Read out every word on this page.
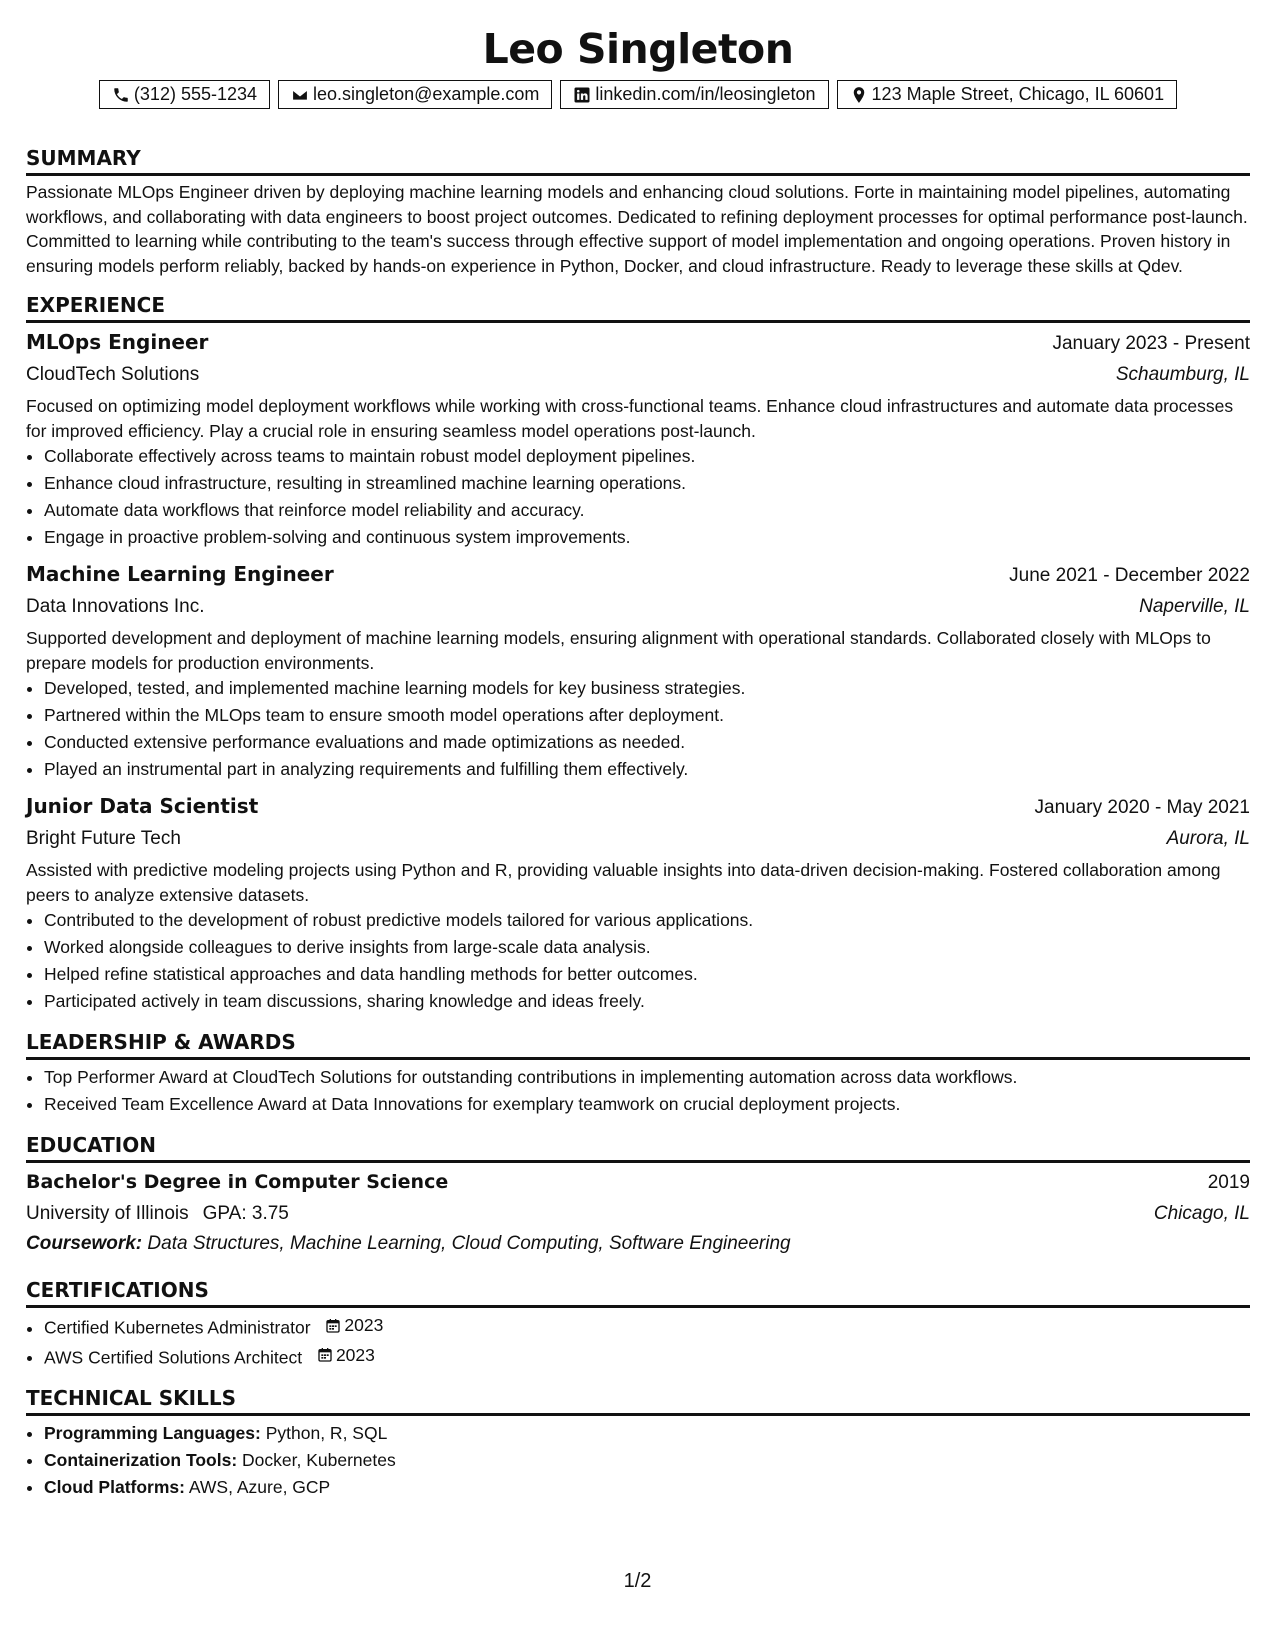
Leo Singleton
(312) 555-1234	leo.singleton@example.com	linkedin.com/in/leosingleton	123 Maple Street, Chicago, IL 60601
SUMMARY

Passionate MLOps Engineer driven by deploying machine learning models and enhancing cloud solutions. Forte in maintaining model pipelines, automating workflows, and collaborating with data engineers to boost project outcomes. Dedicated to refining deployment processes for optimal performance post-launch. Committed to learning while contributing to the team's success through effective support of model implementation and ongoing operations. Proven history in ensuring models perform reliably, backed by hands-on experience in Python, Docker, and cloud infrastructure. Ready to leverage these skills at Qdev.

EXPERIENCE
MLOps Engineer	January 2023 - Present
CloudTech Solutions	Schaumburg, IL

Focused on optimizing model deployment workflows while working with cross-functional teams. Enhance cloud infrastructures and automate data processes for improved efficiency. Play a crucial role in ensuring seamless model operations post-launch.

• Collaborate effectively across teams to maintain robust model deployment pipelines.
• Enhance cloud infrastructure, resulting in streamlined machine learning operations.
• Automate data workflows that reinforce model reliability and accuracy.
• Engage in proactive problem-solving and continuous system improvements.
Machine Learning Engineer	June 2021 - December 2022
Data Innovations Inc.	Naperville, IL

Supported development and deployment of machine learning models, ensuring alignment with operational standards. Collaborated closely with MLOps to prepare models for production environments.

• Developed, tested, and implemented machine learning models for key business strategies.
• Partnered within the MLOps team to ensure smooth model operations after deployment.
• Conducted extensive performance evaluations and made optimizations as needed.
• Played an instrumental part in analyzing requirements and fulfilling them effectively.
Junior Data Scientist	January 2020 - May 2021
Bright Future Tech	Aurora, IL

Assisted with predictive modeling projects using Python and R, providing valuable insights into data-driven decision-making. Fostered collaboration among peers to analyze extensive datasets.

• Contributed to the development of robust predictive models tailored for various applications.
• Worked alongside colleagues to derive insights from large-scale data analysis.
• Helped refine statistical approaches and data handling methods for better outcomes.
• Participated actively in team discussions, sharing knowledge and ideas freely.
LEADERSHIP & AWARDS
• Top Performer Award at CloudTech Solutions for outstanding contributions in implementing automation across data workflows.
• Received Team Excellence Award at Data Innovations for exemplary teamwork on crucial deployment projects.
EDUCATION
Bachelor's Degree in Computer Science	2019
University of Illinois GPA: 3.75	Chicago, IL
Coursework: Data Structures, Machine Learning, Cloud Computing, Software Engineering
CERTIFICATIONS
• Certified Kubernetes Administrator 2023
• AWS Certified Solutions Architect 2023
TECHNICAL SKILLS
• Programming Languages: Python, R, SQL
• Containerization Tools: Docker, Kubernetes
• Cloud Platforms: AWS, Azure, GCP
1/2
